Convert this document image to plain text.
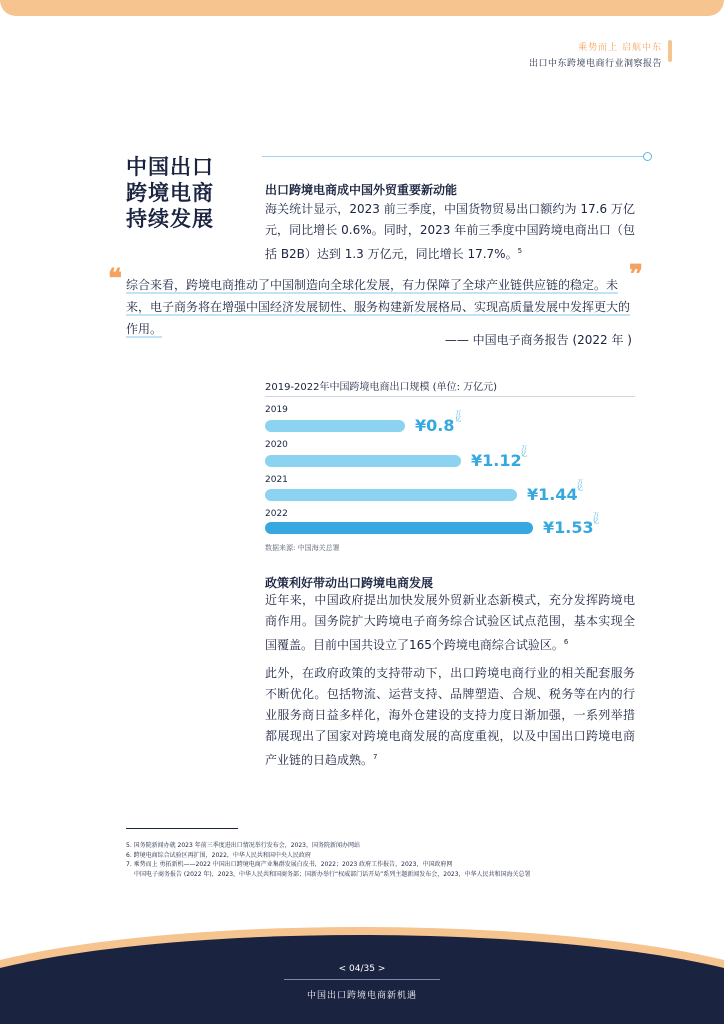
乘势而上 启航中东
出口中东跨境电商行业洞察报告
中国出口
跨境电商
持续发展
出口跨境电商成中国外贸重要新动能
海关统计显示，2023 前三季度，中国货物贸易出口额约为 17.6 万亿元，同比增长 0.6%。同时，2023 年前三季度中国跨境电商出口（包括 B2B）达到 1.3 万亿元，同比增长 17.7%。$^5$
❝	❞
综合来看，跨境电商推动了中国制造向全球化发展，有力保障了全球产业链供应链的稳定。未来，电子商务将在增强中国经济发展韧性、服务构建新发展格局、实现高质量发展中发挥更大的作用。
—— 中国电子商务报告 (2022 年 )
2019-2022年中国跨境电商出口规模 (单位: 万亿元)
2019
¥0.8
万亿
2020
¥1.12
万亿
2021
¥1.44
万亿
2022
¥1.53
万亿
数据来源: 中国海关总署
政策利好带动出口跨境电商发展
近年来，中国政府提出加快发展外贸新业态新模式，充分发挥跨境电商作用。国务院扩大跨境电子商务综合试验区试点范围，基本实现全国覆盖。目前中国共设立了165个跨境电商综合试验区。$^6$
此外，在政府政策的支持带动下，出口跨境电商行业的相关配套服务不断优化。包括物流、运营支持、品牌塑造、合规、税务等在内的行业服务商日益多样化，海外仓建设的支持力度日渐加强，一系列举措都展现出了国家对跨境电商发展的高度重视，以及中国出口跨境电商产业链的日趋成熟。$^7$
5. 国务院新闻办就 2023 年前三季度进出口情况举行发布会，2023，国务院新闻办网站
6. 跨境电商综合试验区再扩围，2022，中华人民共和国中央人民政府
7. 乘势而上 勇拓新机——2022 中国出口跨境电商产业集群发展白皮书，2022；2023 政府工作报告，2023，中国政府网
中国电子商务报告 (2022 年)，2023，中华人民共和国商务部；国新办举行“权威部门话开局”系列主题新闻发布会，2023，中华人民共和国海关总署
< 04/35 >
中国出口跨境电商新机遇
